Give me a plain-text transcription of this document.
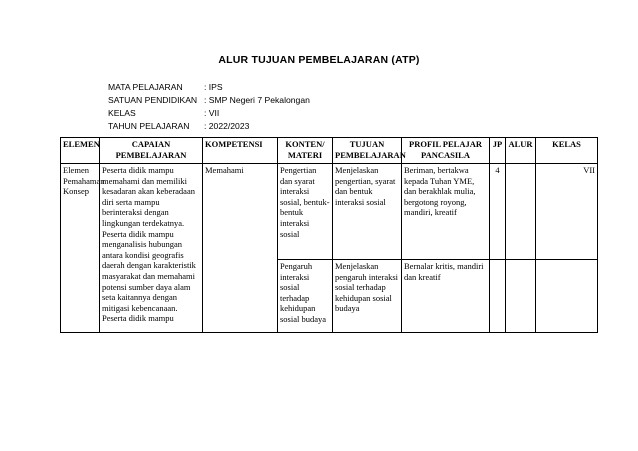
ALUR TUJUAN PEMBELAJARAN (ATP)
MATA PELAJARAN	: IPS
SATUAN PENDIDIKAN : SMP Negeri 7 Pekalongan
KELAS	: VII
TAHUN PELAJARAN	: 2022/2023
ELEMEN	CAPAIAN PEMBELAJARAN	KOMPETENSI	KONTEN/ MATERI	TUJUAN PEMBELAJARAN	PROFIL PELAJAR PANCASILA	JP	ALUR	KELAS
Elemen Pemahaman Konsep	Peserta didik mampu memahami dan memiliki kesadaran akan keberadaan diri serta mampu berinteraksi dengan lingkungan terdekatnya. Peserta didik mampu menganalisis hubungan antara kondisi geografis daerah dengan karakteristik masyarakat dan memahami potensi sumber daya alam seta kaitannya dengan mitigasi kebencanaan. Peserta didik mampu	Memahami	Pengertian dan syarat interaksi sosial, bentuk-bentuk interaksi sosial	Menjelaskan pengertian, syarat dan bentuk interaksi sosial	Beriman, bertakwa kepada Tuhan YME, dan berakhlak mulia, bergotong royong, mandiri, kreatif	4		VII
			Pengaruh interaksi sosial terhadap kehidupan sosial budaya	Menjelaskan pengaruh interaksi sosial terhadap kehidupan sosial budaya	Bernalar kritis, mandiri dan kreatif			
